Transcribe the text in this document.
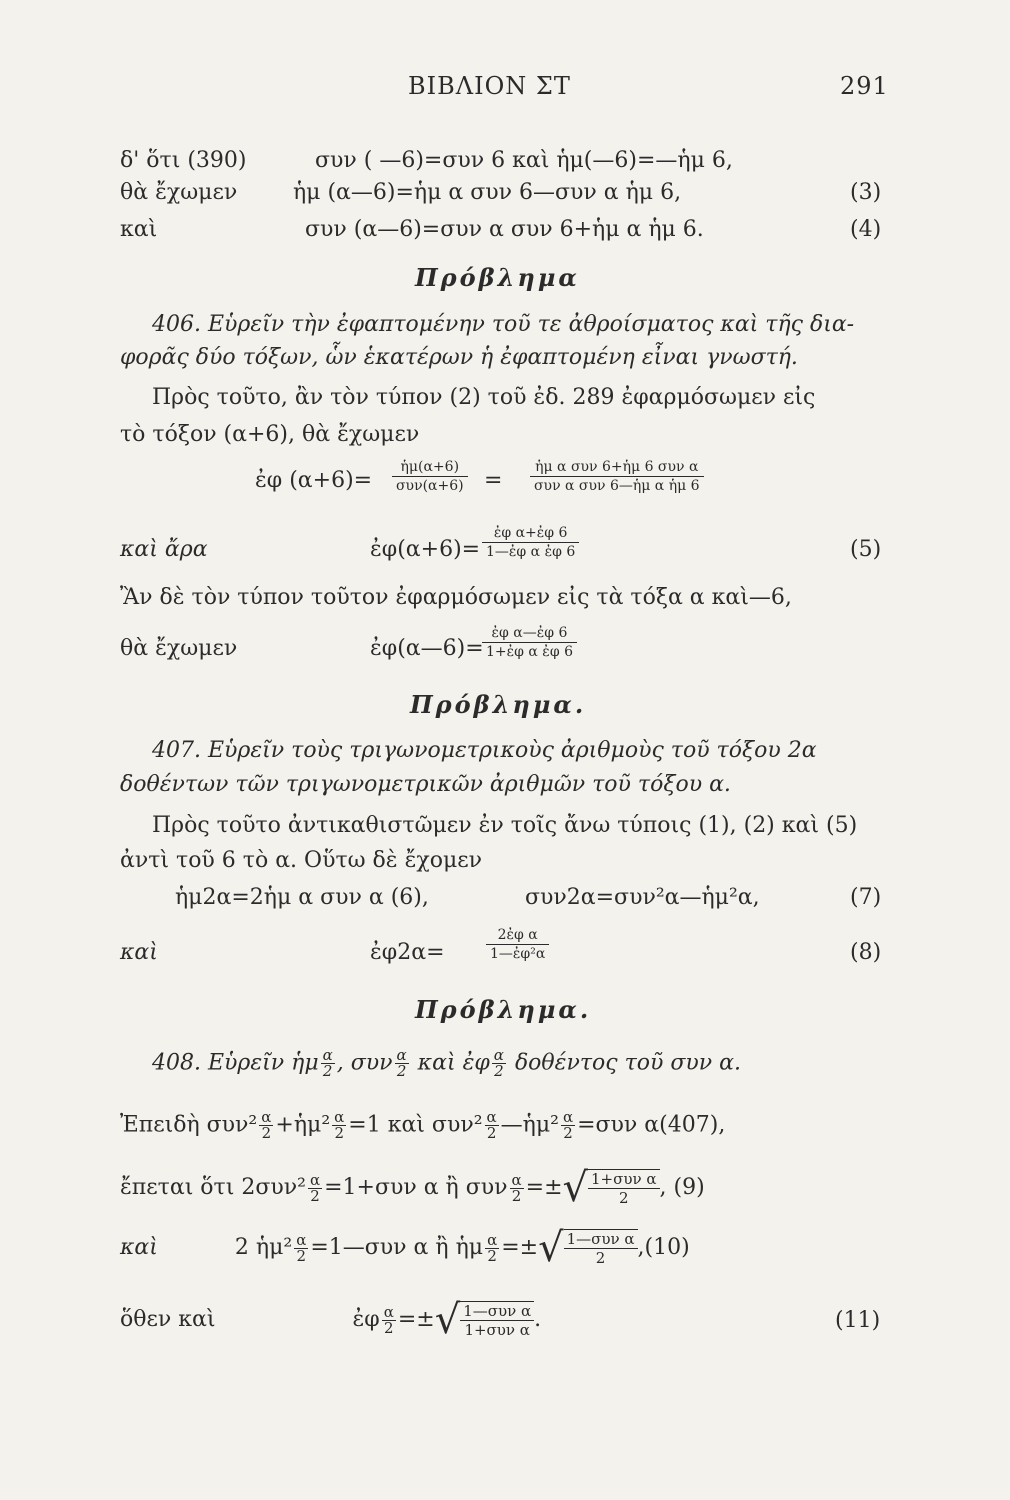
ΒΙΒΛΙΟΝ ΣΤ	291
δ' ὅτι (390)	συν ( —6)=συν 6 καὶ ἡμ(—6)=—ἡμ 6,
θὰ ἔχωμεν	ἡμ (α—6)=ἡμ α συν 6—συν α ἡμ 6,	(3)
καὶ	συν (α—6)=συν α συν 6+ἡμ α ἡμ 6.	(4)
Πρόβλημα
406. Εὑρεῖν τὴν ἐφαπτομένην τοῦ τε ἀθροίσματος καὶ τῆς δια-
φορᾶς δύο τόξων, ὧν ἑκατέρων ἡ ἐφαπτομένη εἶναι γνωστή.
Πρὸς τοῦτο, ἂν τὸν τύπον (2) τοῦ ἐδ. 289 ἐφαρμόσωμεν εἰς
τὸ τόξον (α+6), θὰ ἔχωμεν
ἐφ (α+6)=
ἡμ(α+6)
συν(α+6) =
ἡμ α συν 6+ἡμ 6 συν α
συν α συν 6—ἡμ α ἡμ 6
καὶ ἄρα	ἐφ(α+6)= $\frac{\text{ἐφ α+ἐφ 6}}{\text{1—ἐφ α ἐφ 6}}$	(5)
Ἂν δὲ τὸν τύπον τοῦτον ἐφαρμόσωμεν εἰς τὰ τόξα α καὶ—6,
θὰ ἔχωμεν	ἐφ(α—6)=
$\frac{\text{ἐφ α—ἐφ 6}}{\text{1+ἐφ α ἐφ 6}}$
Πρόβλημα.
407. Εὑρεῖν τοὺς τριγωνομετρικοὺς ἀριθμοὺς τοῦ τόξου 2α
δοθέντων τῶν τριγωνομετρικῶν ἀριθμῶν τοῦ τόξου α.
Πρὸς τοῦτο ἀντικαθιστῶμεν ἐν τοῖς ἄνω τύποις (1), (2) καὶ (5)
ἀντὶ τοῦ 6 τὸ α. Οὕτω δὲ ἔχομεν
ἡμ2α=2ἡμ α συν α (6),	συν2α=συν²α—ἡμ²α,	(7)
καὶ	ἐφ2α=	$\frac{\text{2ἐφ α}}{\text{1—ἐφ²α}}$	(8)
Πρόβλημα.
408. Εὑρεῖν ἡμ $\frac{\alpha}{2}$ , συν $\frac{\alpha}{2}$ καὶ ἐφ $\frac{\alpha}{2}$ δοθέντος τοῦ συν α.
Ἐπειδὴ $\sigma\upsilon\nu^2 \frac{\alpha}{2}$ +ἡμ² $\frac{\alpha}{2} =1$ καὶ $\sigma\upsilon\nu^2 \frac{\alpha}{2}$ —ἡμ² $\frac{\alpha}{2} =\sigma\upsilon\nu$ α(407),
ἔπεται ὅτι $2\sigma\upsilon\nu^2 \frac{\alpha}{2} =1+\sigma\upsilon\nu$ α ἢ συν $\frac{\alpha}{2}$ =±√ 1+συν α
2	, (9)
καὶ	2 ἡμ² $\frac{\alpha}{2}$ =1—συν α ἢ ἡμ $\frac{\alpha}{2}$ =±√ 1—συν α
2	,(10)
ὅθεν καὶ	ἐφ $\frac{\alpha}{2}$ =±√ 1—συν α
1+συν α .	(11)
